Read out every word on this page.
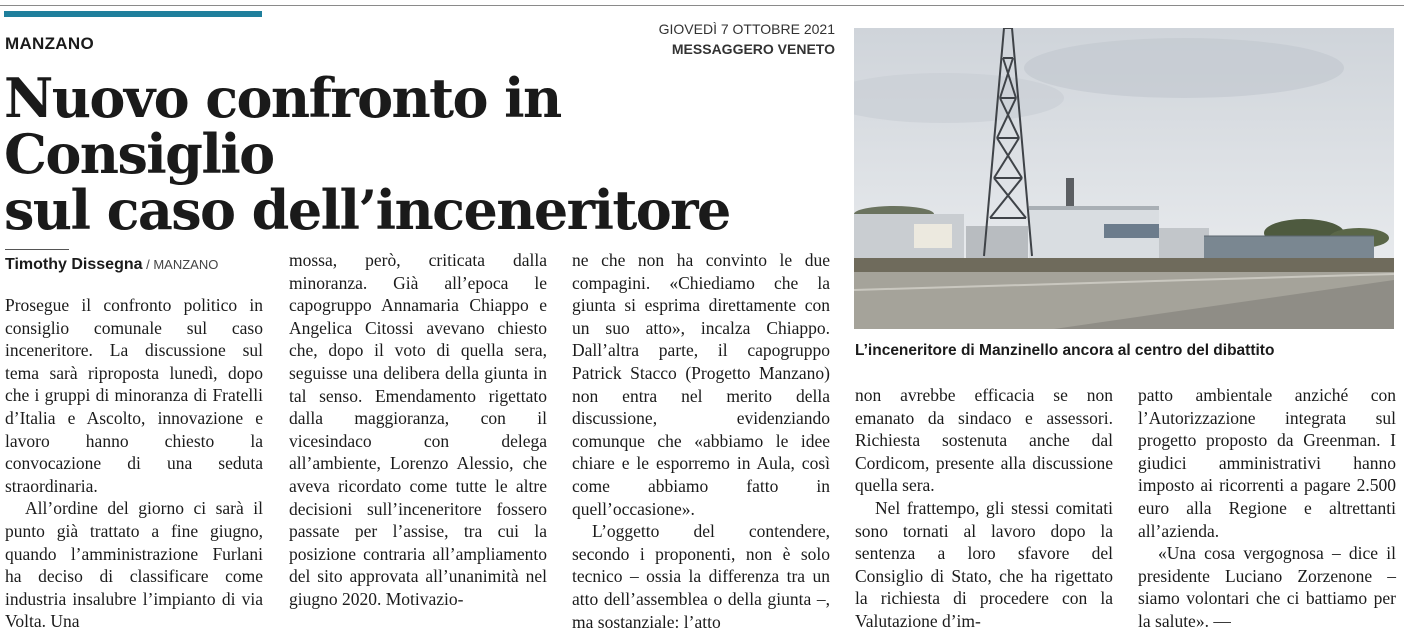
MANZANO
GIOVEDÌ 7 OTTOBRE 2021
MESSAGGERO VENETO
Nuovo confronto in Consiglio
sul caso dell’inceneritore
Timothy Dissegna / MANZANO

Prosegue il confronto politico in consiglio comunale sul caso inceneritore. La discussione sul tema sarà riproposta lunedì, dopo che i gruppi di minoranza di Fratelli d’Italia e Ascolto, innovazione e lavoro hanno chiesto la convocazione di una seduta straordinaria.

All’ordine del giorno ci sarà il punto già trattato a fine giugno, quando l’amministrazione Furlani ha deciso di classificare come industria insalubre l’impianto di via Volta. Una

mossa, però, criticata dalla minoranza. Già all’epoca le capogruppo Annamaria Chiappo e Angelica Citossi avevano chiesto che, dopo il voto di quella sera, seguisse una delibera della giunta in tal senso. Emendamento rigettato dalla maggioranza, con il vicesindaco con delega all’ambiente, Lorenzo Alessio, che aveva ricordato come tutte le altre decisioni sull’inceneritore fossero passate per l’assise, tra cui la posizione contraria all’ampliamento del sito approvata all’unanimità nel giugno 2020. Motivazio-

ne che non ha convinto le due compagini. «Chiediamo che la giunta si esprima direttamente con un suo atto», incalza Chiappo. Dall’altra parte, il capogruppo Patrick Stacco (Progetto Manzano) non entra nel merito della discussione, evidenziando comunque che «abbiamo le idee chiare e le esporremo in Aula, così come abbiamo fatto in quell’occasione».

L’oggetto del contendere, secondo i proponenti, non è solo tecnico – ossia la differenza tra un atto dell’assemblea o della giunta –, ma sostanziale: l’atto

non avrebbe efficacia se non emanato da sindaco e assessori. Richiesta sostenuta anche dal Cordicom, presente alla discussione quella sera.

Nel frattempo, gli stessi comitati sono tornati al lavoro dopo la sentenza a loro sfavore del Consiglio di Stato, che ha rigettato la richiesta di procedere con la Valutazione d’im-

patto ambientale anziché con l’Autorizzazione integrata sul progetto proposto da Greenman. I giudici amministrativi hanno imposto ai ricorrenti a pagare 2.500 euro alla Regione e altrettanti all’azienda.

«Una cosa vergognosa – dice il presidente Luciano Zorzenone – siamo volontari che ci battiamo per la salute». —

L’inceneritore di Manzinello ancora al centro del dibattito
